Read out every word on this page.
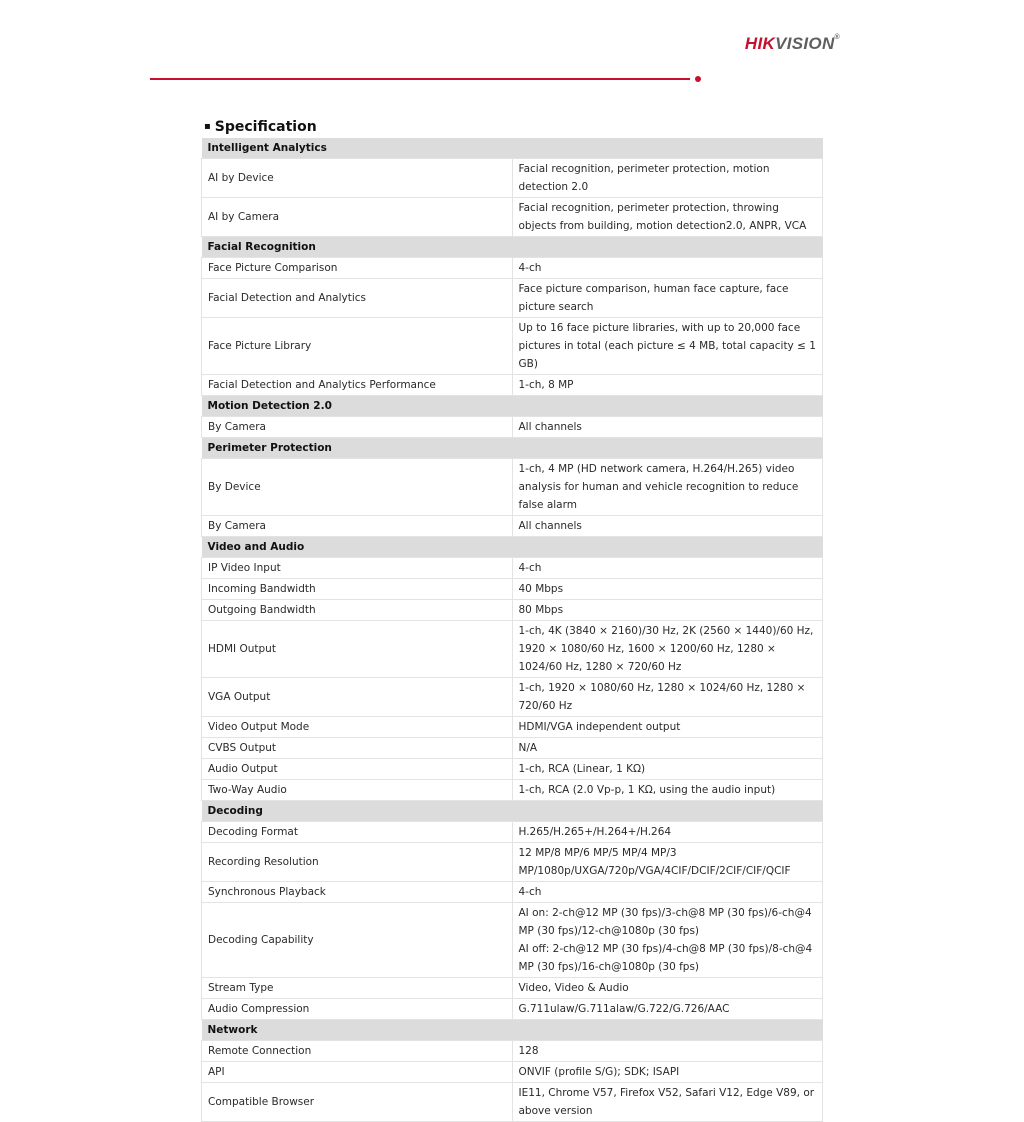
HIKVISION®
▪ Specification
Intelligent Analytics	
AI by Device	Facial recognition, perimeter protection, motion detection 2.0
AI by Camera	Facial recognition, perimeter protection, throwing objects from building, motion detection2.0, ANPR, VCA
Facial Recognition	
Face Picture Comparison	4-ch
Facial Detection and Analytics	Face picture comparison, human face capture, face picture search
Face Picture Library	Up to 16 face picture libraries, with up to 20,000 face pictures in total (each picture ≤ 4 MB, total capacity ≤ 1 GB)
Facial Detection and Analytics Performance	1-ch, 8 MP
Motion Detection 2.0	
By Camera	All channels
Perimeter Protection	
By Device	1-ch, 4 MP (HD network camera, H.264/H.265) video analysis for human and vehicle recognition to reduce false alarm
By Camera	All channels
Video and Audio	
IP Video Input	4-ch
Incoming Bandwidth	40 Mbps
Outgoing Bandwidth	80 Mbps
HDMI Output	1-ch, 4K (3840 × 2160)/30 Hz, 2K (2560 × 1440)/60 Hz, 1920 × 1080/60 Hz, 1600 × 1200/60 Hz, 1280 × 1024/60 Hz, 1280 × 720/60 Hz
VGA Output	1-ch, 1920 × 1080/60 Hz, 1280 × 1024/60 Hz, 1280 × 720/60 Hz
Video Output Mode	HDMI/VGA independent output
CVBS Output	N/A
Audio Output	1-ch, RCA (Linear, 1 KΩ)
Two-Way Audio	1-ch, RCA (2.0 Vp-p, 1 KΩ, using the audio input)
Decoding	
Decoding Format	H.265/H.265+/H.264+/H.264
Recording Resolution	12 MP/8 MP/6 MP/5 MP/4 MP/3 MP/1080p/UXGA/720p/VGA/4CIF/DCIF/2CIF/CIF/QCIF
Synchronous Playback	4-ch
Decoding Capability	AI on: 2-ch@12 MP (30 fps)/3-ch@8 MP (30 fps)/6-ch@4 MP (30 fps)/12-ch@1080p (30 fps)
AI off: 2-ch@12 MP (30 fps)/4-ch@8 MP (30 fps)/8-ch@4 MP (30 fps)/16-ch@1080p (30 fps)
Stream Type	Video, Video & Audio
Audio Compression	G.711ulaw/G.711alaw/G.722/G.726/AAC
Network	
Remote Connection	128
API	ONVIF (profile S/G); SDK; ISAPI
Compatible Browser	IE11, Chrome V57, Firefox V52, Safari V12, Edge V89, or above version
